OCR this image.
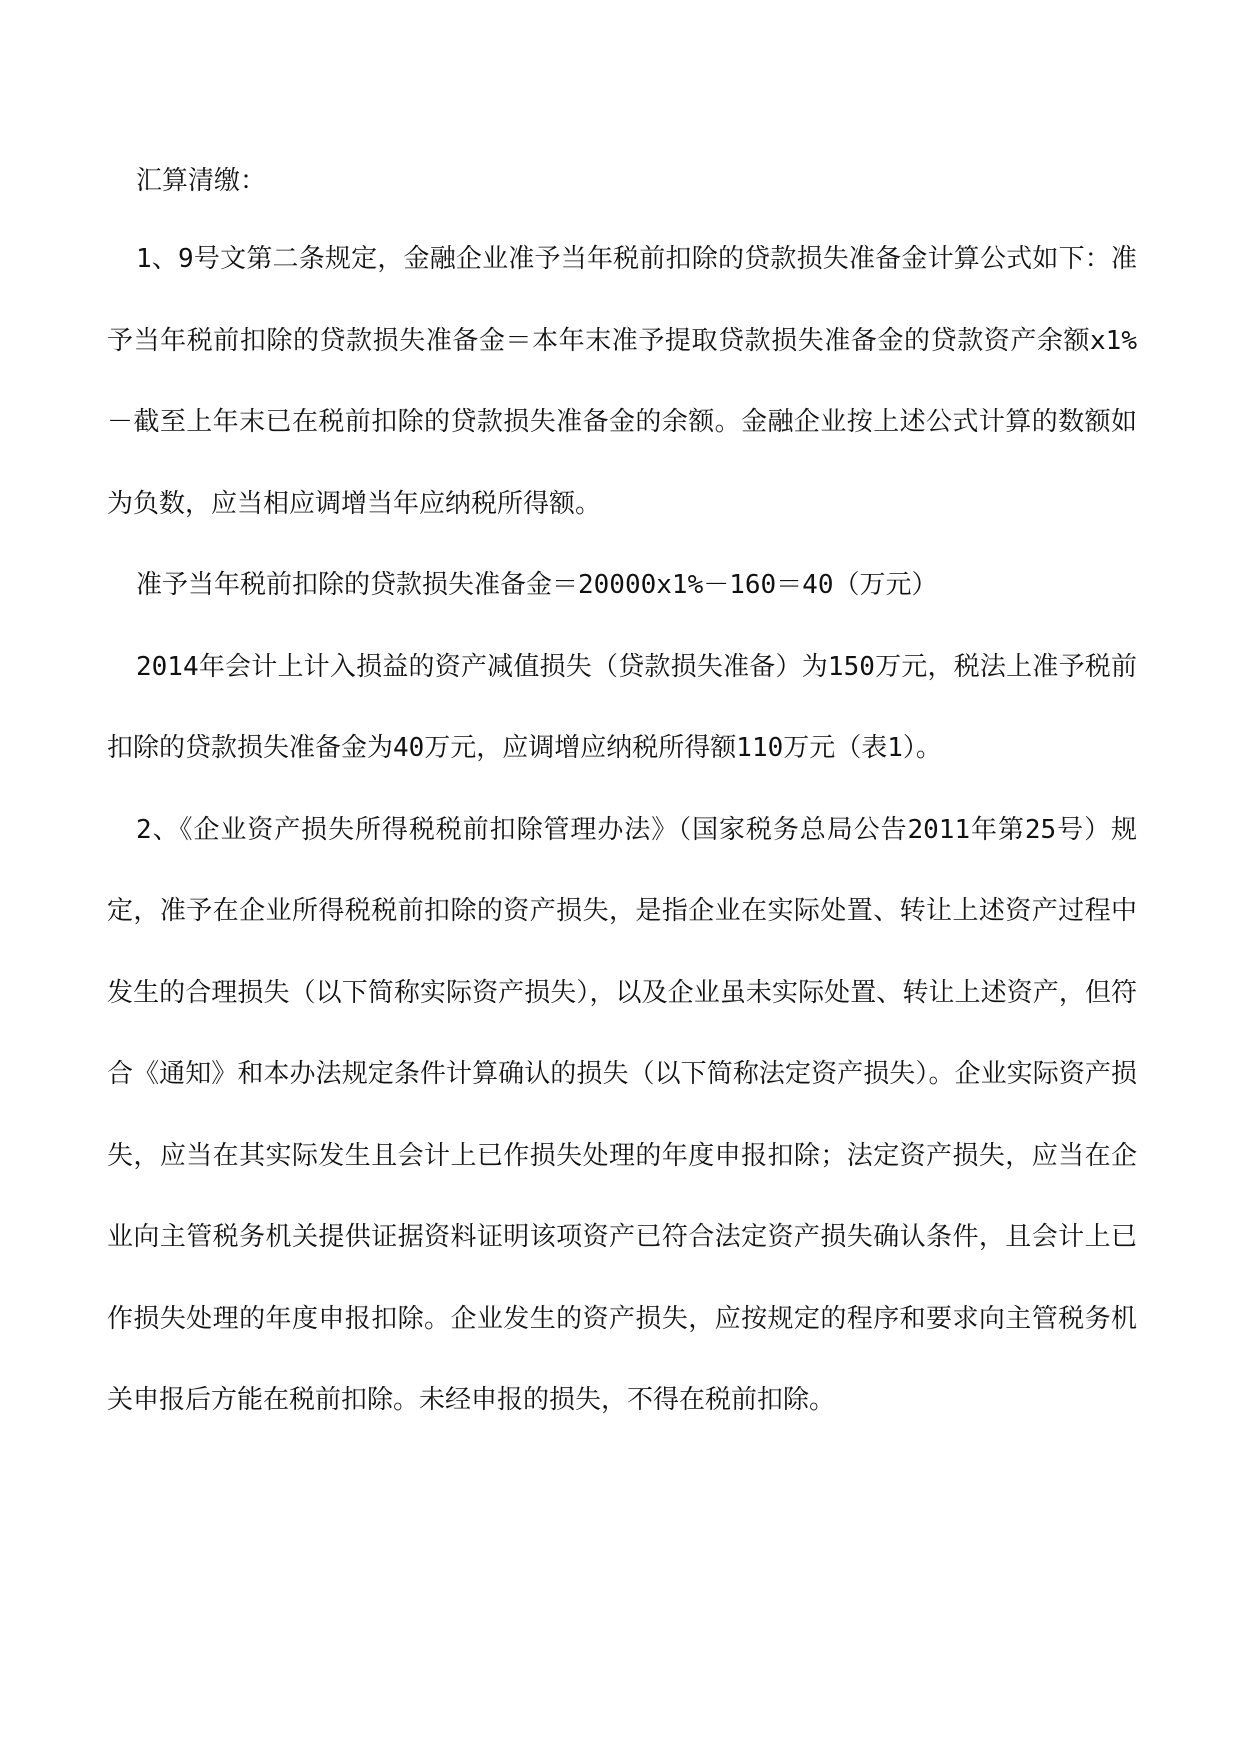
汇算清缴：

1、9号文第二条规定，金融企业准予当年税前扣除的贷款损失准备金计算公式如下：准予当年税前扣除的贷款损失准备金＝本年末准予提取贷款损失准备金的贷款资产余额x1%－截至上年末已在税前扣除的贷款损失准备金的余额。金融企业按上述公式计算的数额如为负数，应当相应调增当年应纳税所得额。

准予当年税前扣除的贷款损失准备金＝20000x1%－160＝40（万元）

2014年会计上计入损益的资产减值损失（贷款损失准备）为150万元，税法上准予税前扣除的贷款损失准备金为40万元，应调增应纳税所得额110万元（表1）。

2、《企业资产损失所得税税前扣除管理办法》（国家税务总局公告2011年第25号）规定，准予在企业所得税税前扣除的资产损失，是指企业在实际处置、转让上述资产过程中发生的合理损失（以下简称实际资产损失），以及企业虽未实际处置、转让上述资产，但符合《通知》和本办法规定条件计算确认的损失（以下简称法定资产损失）。企业实际资产损失，应当在其实际发生且会计上已作损失处理的年度申报扣除；法定资产损失，应当在企业向主管税务机关提供证据资料证明该项资产已符合法定资产损失确认条件，且会计上已作损失处理的年度申报扣除。企业发生的资产损失，应按规定的程序和要求向主管税务机关申报后方能在税前扣除。未经申报的损失，不得在税前扣除。
